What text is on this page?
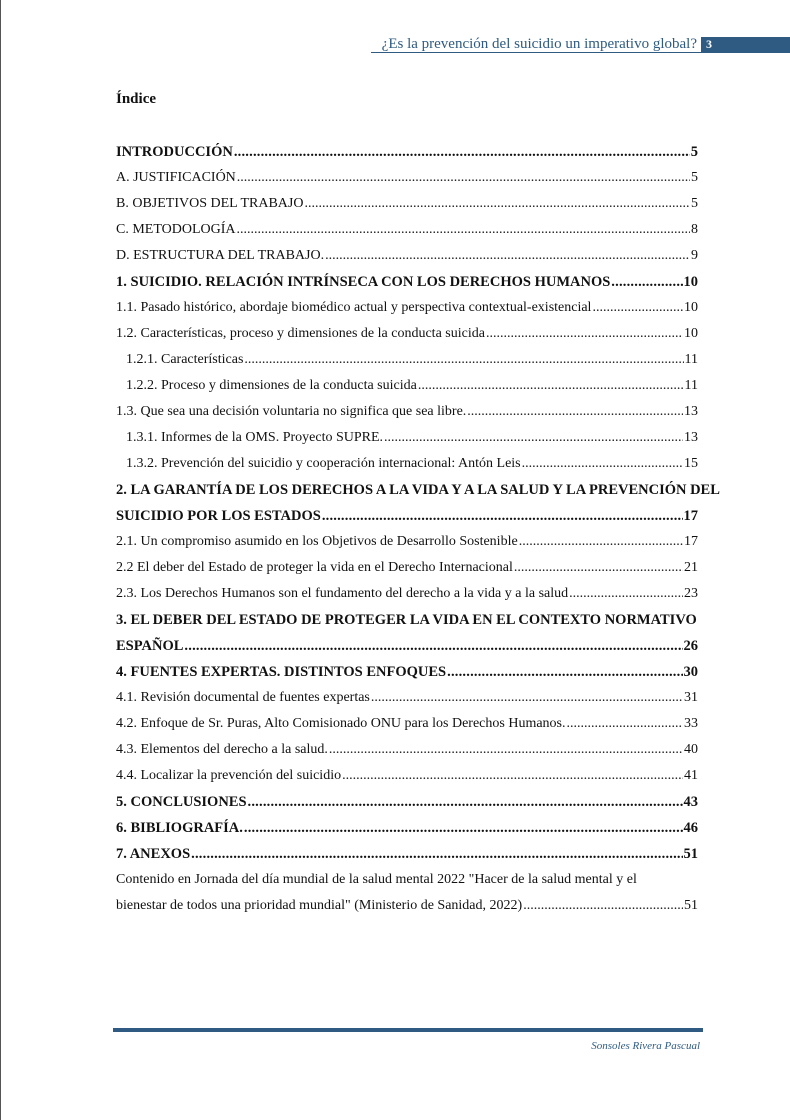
¿Es la prevención del suicidio un imperativo global? 3
Índice
INTRODUCCIÓN .....	5
A. JUSTIFICACIÓN .....	5
B. OBJETIVOS DEL TRABAJO .....	5
C. METODOLOGÍA .....	8
D. ESTRUCTURA DEL TRABAJO. .....	9
1. SUICIDIO. RELACIÓN INTRÍNSECA CON LOS DERECHOS HUMANOS .....	10
1.1. Pasado histórico, abordaje biomédico actual y perspectiva contextual-existencial .....	10
1.2. Características, proceso y dimensiones de la conducta suicida .....	10
1.2.1. Características .....	11
1.2.2. Proceso y dimensiones de la conducta suicida .....	11
1.3. Que sea una decisión voluntaria no significa que sea libre. .....	13
1.3.1. Informes de la OMS. Proyecto SUPRE. .....	13
1.3.2. Prevención del suicidio y cooperación internacional: Antón Leis .....	15
2. LA GARANTÍA DE LOS DERECHOS A LA VIDA Y A LA SALUD Y LA PREVENCIÓN DEL
SUICIDIO POR LOS ESTADOS .....	17
2.1. Un compromiso asumido en los Objetivos de Desarrollo Sostenible .....	17
2.2 El deber del Estado de proteger la vida en el Derecho Internacional .....	21
2.3. Los Derechos Humanos son el fundamento del derecho a la vida y a la salud .....	23
3. EL DEBER DEL ESTADO DE PROTEGER LA VIDA EN EL CONTEXTO NORMATIVO
ESPAÑOL .....	26
4. FUENTES EXPERTAS. DISTINTOS ENFOQUES .....	30
4.1. Revisión documental de fuentes expertas .....	31
4.2. Enfoque de Sr. Puras, Alto Comisionado ONU para los Derechos Humanos. .....	33
4.3. Elementos del derecho a la salud. .....	40
4.4. Localizar la prevención del suicidio .....	41
5. CONCLUSIONES .....	43
6. BIBLIOGRAFÍA. .....	46
7. ANEXOS .....	51
Contenido en Jornada del día mundial de la salud mental 2022 "Hacer de la salud mental y el
bienestar de todos una prioridad mundial" (Ministerio de Sanidad, 2022) .....	51
Sonsoles Rivera Pascual
